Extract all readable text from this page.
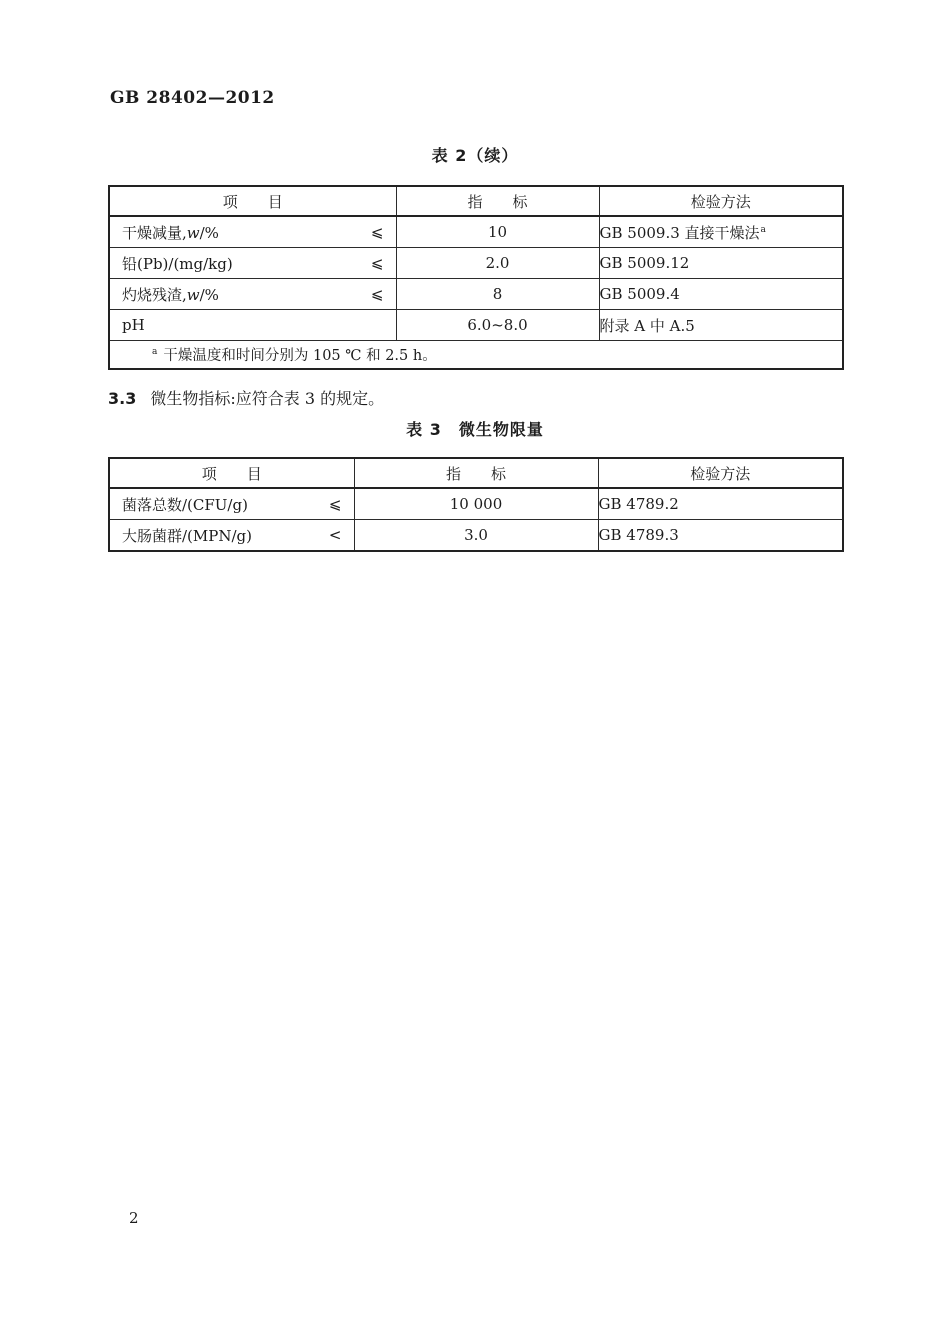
GB 28402—2012
表 2（续）
项　　目	指　　标	检验方法

干燥减量,w/% ⩽	10	GB 5009.3 直接干燥法$^a$

铅(Pb)/(mg/kg) ⩽	2.0	GB 5009.12

灼烧残渣,w/% ⩽	8	GB 5009.4

pH	6.0~8.0	附录 A 中 A.5
$^a$ 干燥温度和时间分别为 105 ℃ 和 2.5 h。		
3.3 微生物指标:应符合表 3 的规定。
表 3　微生物限量
项　　目	指　　标	检验方法

菌落总数/(CFU/g) ⩽	10 000	GB 4789.2

大肠菌群/(MPN/g) <	3.0	GB 4789.3
2
